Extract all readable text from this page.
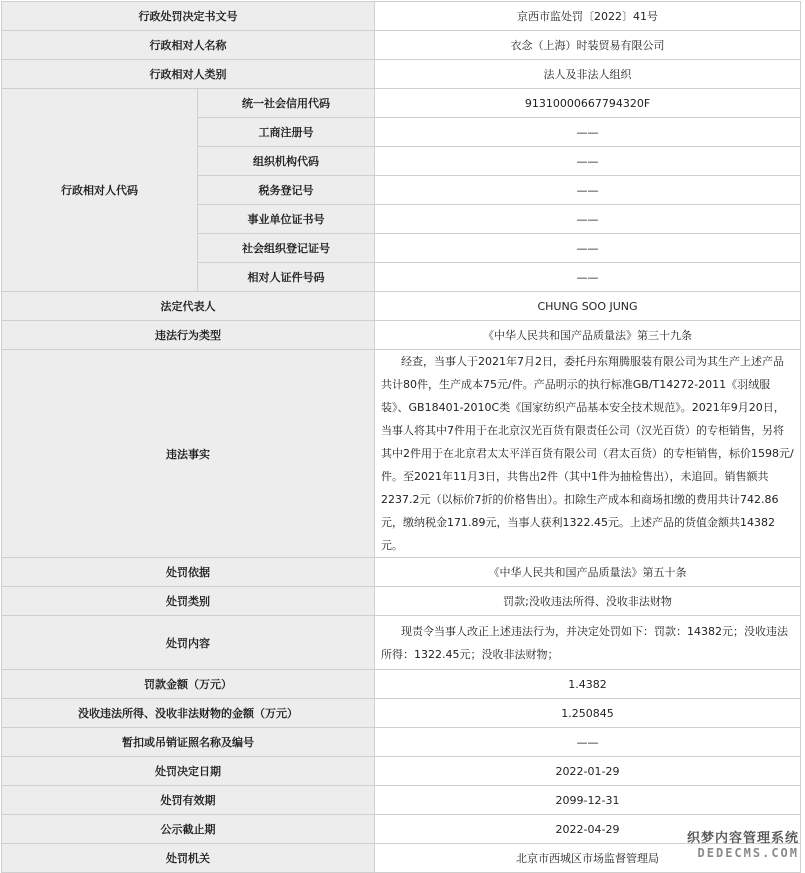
行政处罚决定书文号		京西市监处罚〔2022〕41号
行政相对人名称		衣念（上海）时装贸易有限公司
行政相对人类别		法人及非法人组织
行政相对人代码	统一社会信用代码	91310000667794320F
	工商注册号	——
	组织机构代码	——
	税务登记号	——
	事业单位证书号	——
	社会组织登记证号	——
	相对人证件号码	——
法定代表人		CHUNG SOO JUNG
违法行为类型		《中华人民共和国产品质量法》第三十九条
违法事实		经查，当事人于2021年7月2日，委托丹东翔腾服装有限公司为其生产上述产品共计80件，生产成本75元/件。产品明示的执行标准GB/T14272-2011《羽绒服装》、GB18401-2010C类《国家纺织产品基本安全技术规范》。2021年9月20日，当事人将其中7件用于在北京汉光百货有限责任公司（汉光百货）的专柜销售，另将其中2件用于在北京君太太平洋百货有限公司（君太百货）的专柜销售，标价1598元/件。至2021年11月3日，共售出2件（其中1件为抽检售出），未追回。销售额共2237.2元（以标价7折的价格售出）。扣除生产成本和商场扣缴的费用共计742.86元，缴纳税金171.89元，当事人获利1322.45元。上述产品的货值金额共14382元。
处罚依据		《中华人民共和国产品质量法》第五十条
处罚类别		罚款;没收违法所得、没收非法财物
处罚内容		现责令当事人改正上述违法行为，并决定处罚如下：罚款：14382元；没收违法所得：1322.45元；没收非法财物；
罚款金额（万元）		1.4382
没收违法所得、没收非法财物的金额（万元）		1.250845
暂扣或吊销证照名称及编号		——
处罚决定日期		2022-01-29
处罚有效期		2099-12-31
公示截止期		2022-04-29
处罚机关		北京市西城区市场监督管理局
织梦内容管理系统
DEDECMS.COM
